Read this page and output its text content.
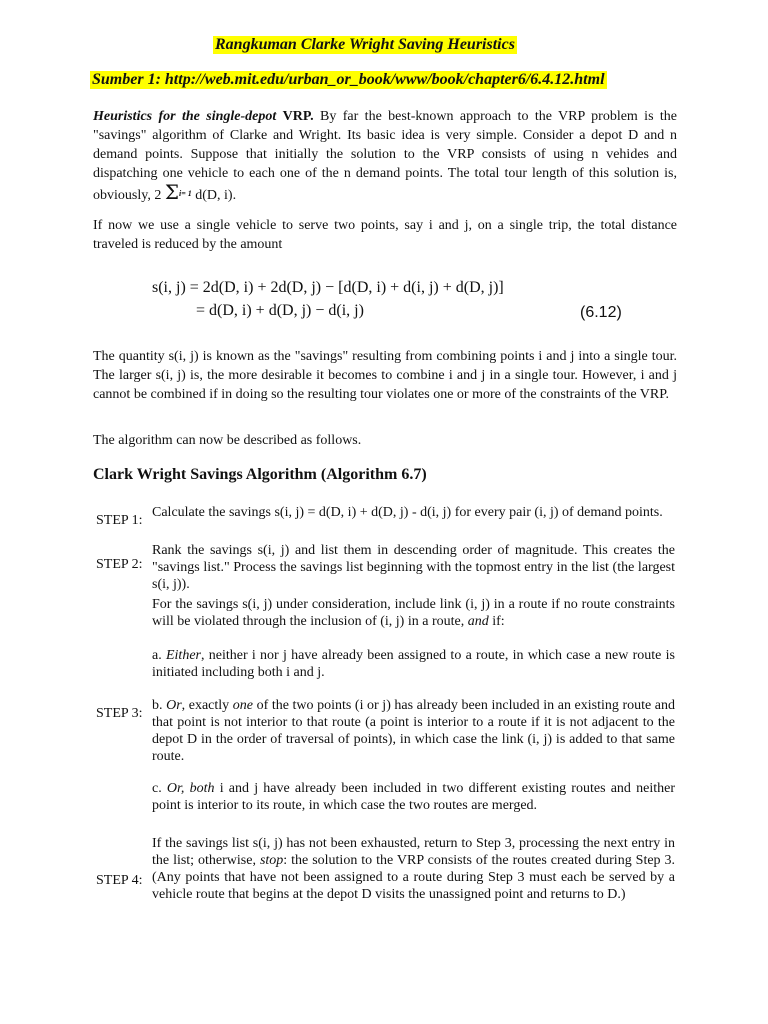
Rangkuman Clarke Wright Saving Heuristics
Sumber 1: http://web.mit.edu/urban_or_book/www/book/chapter6/6.4.12.html

Heuristics for the single-depot VRP. By far the best-known approach to the VRP problem is the "savings" algorithm of Clarke and Wright. Its basic idea is very simple. Consider a depot D and n demand points. Suppose that initially the solution to the VRP consists of using n vehides and dispatching one vehicle to each one of the n demand points. The total tour length of this solution is, obviously, 2 $\Sigma^{i= 1}$ d(D, i).

If now we use a single vehicle to serve two points, say i and j, on a single trip, the total distance traveled is reduced by the amount

s(i, j) = 2d(D, i) + 2d(D, j) − [d(D, i) + d(i, j) + d(D, j)]
= d(D, i) + d(D, j) − d(i, j)	(6.12)

The quantity s(i, j) is known as the "savings" resulting from combining points i and j into a single tour. The larger s(i, j) is, the more desirable it becomes to combine i and j in a single tour. However, i and j cannot be combined if in doing so the resulting tour violates one or more of the constraints of the VRP.

The algorithm can now be described as follows.

Clark Wright Savings Algorithm (Algorithm 6.7)
STEP 1:

Calculate the savings s(i, j) = d(D, i) + d(D, j) - d(i, j) for every pair (i, j) of demand points.

STEP 2:

Rank the savings s(i, j) and list them in descending order of magnitude. This creates the "savings list." Process the savings list beginning with the topmost entry in the list (the largest s(i, j)).

STEP 3:

For the savings s(i, j) under consideration, include link (i, j) in a route if no route constraints will be violated through the inclusion of (i, j) in a route, and if:

a. Either, neither i nor j have already been assigned to a route, in which case a new route is initiated including both i and j.

b. Or, exactly one of the two points (i or j) has already been included in an existing route and that point is not interior to that route (a point is interior to a route if it is not adjacent to the depot D in the order of traversal of points), in which case the link (i, j) is added to that same route.

c. Or, both i and j have already been included in two different existing routes and neither point is interior to its route, in which case the two routes are merged.

STEP 4:

If the savings list s(i, j) has not been exhausted, return to Step 3, processing the next entry in the list; otherwise, stop: the solution to the VRP consists of the routes created during Step 3. (Any points that have not been assigned to a route during Step 3 must each be served by a vehicle route that begins at the depot D visits the unassigned point and returns to D.)
